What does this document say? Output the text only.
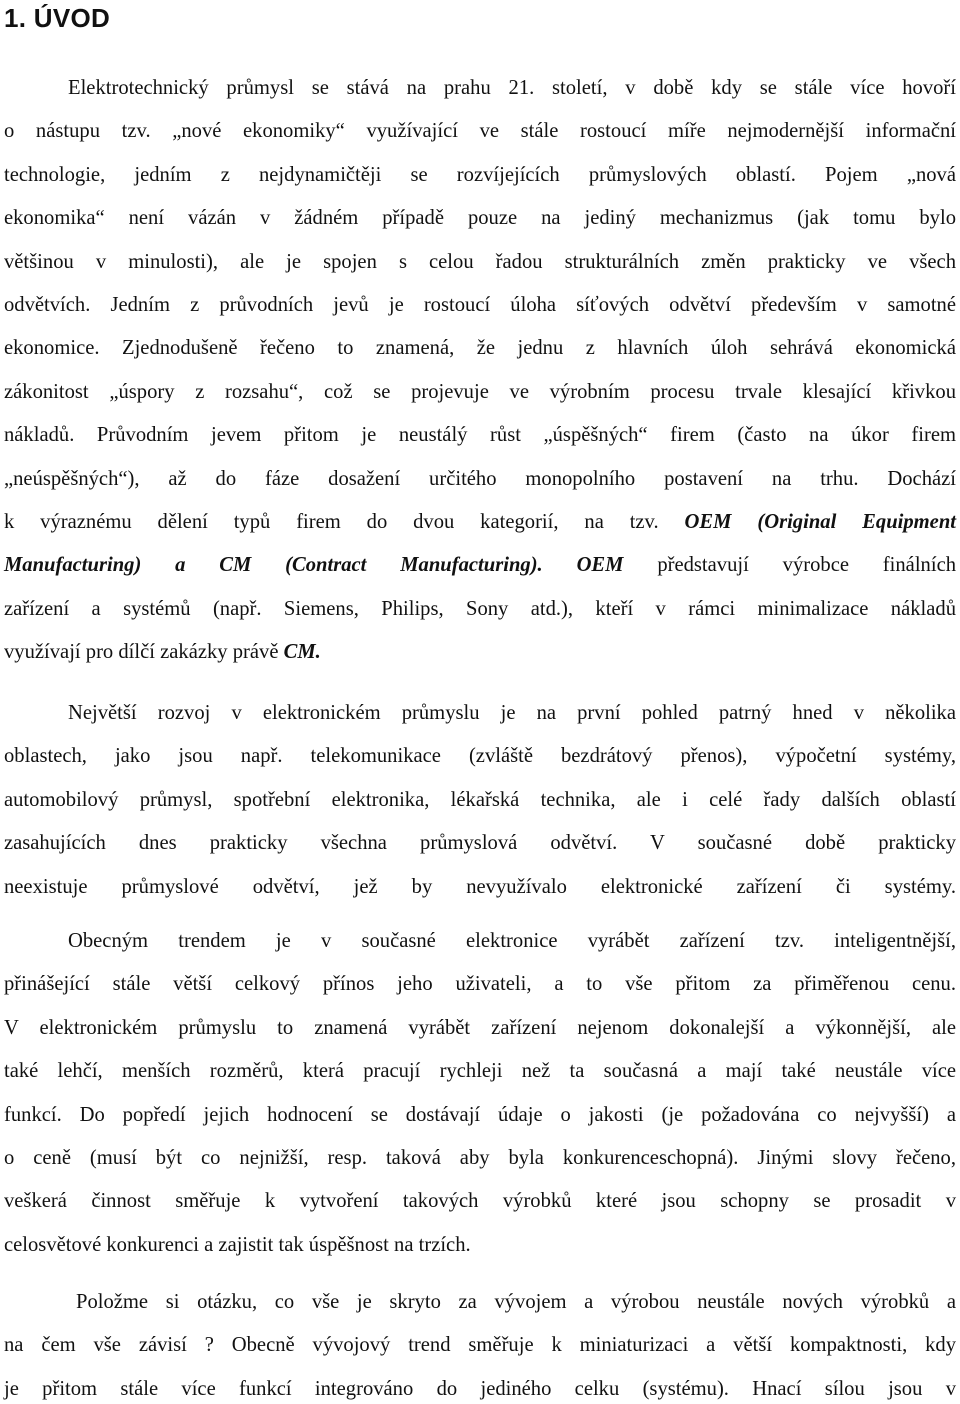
1. ÚVOD
Elektrotechnický průmysl se stává na prahu 21. století, v době kdy se stále více hovoří
o nástupu tzv. „nové ekonomiky“ využívající ve stále rostoucí míře nejmodernější informační
technologie, jedním z nejdynamičtěji se rozvíjejících průmyslových oblastí. Pojem „nová
ekonomika“ není vázán v žádném případě pouze na jediný mechanizmus (jak tomu bylo
většinou v minulosti), ale je spojen s celou řadou strukturálních změn prakticky ve všech
odvětvích. Jedním z průvodních jevů je rostoucí úloha síťových odvětví především v samotné
ekonomice. Zjednodušeně řečeno to znamená, že jednu z hlavních úloh sehrává ekonomická
zákonitost „úspory z rozsahu“, což se projevuje ve výrobním procesu trvale klesající křivkou
nákladů. Průvodním jevem přitom je neustálý růst „úspěšných“ firem (často na úkor firem
„neúspěšných“), až do fáze dosažení určitého monopolního postavení na trhu. Dochází
k výraznému dělení typů firem do dvou kategorií, na tzv. OEM (Original Equipment
Manufacturing) a CM (Contract Manufacturing). OEM představují výrobce finálních
zařízení a systémů (např. Siemens, Philips, Sony atd.), kteří v rámci minimalizace nákladů
využívají pro dílčí zakázky právě CM.
Největší rozvoj v elektronickém průmyslu je na první pohled patrný hned v několika
oblastech, jako jsou např. telekomunikace (zvláště bezdrátový přenos), výpočetní systémy,
automobilový průmysl, spotřební elektronika, lékařská technika, ale i celé řady dalších oblastí
zasahujících dnes prakticky všechna průmyslová odvětví. V současné době prakticky
neexistuje průmyslové odvětví, jež by nevyužívalo elektronické zařízení či systémy.
Obecným trendem je v současné elektronice vyrábět zařízení tzv. inteligentnější,
přinášející stále větší celkový přínos jeho uživateli, a to vše přitom za přiměřenou cenu.
V elektronickém průmyslu to znamená vyrábět zařízení nejenom dokonalejší a výkonnější, ale
také lehčí, menších rozměrů, která pracují rychleji než ta současná a mají také neustále více
funkcí. Do popředí jejich hodnocení se dostávají údaje o jakosti (je požadována co nejvyšší) a
o ceně (musí být co nejnižší, resp. taková aby byla konkurenceschopná). Jinými slovy řečeno,
veškerá činnost směřuje k vytvoření takových výrobků které jsou schopny se prosadit v
celosvětové konkurenci a zajistit tak úspěšnost na trzích.
Položme si otázku, co vše je skryto za vývojem a výrobou neustále nových výrobků a
na čem vše závisí ? Obecně vývojový trend směřuje k miniaturizaci a větší kompaktnosti, kdy
je přitom stále více funkcí integrováno do jediného celku (systému). Hnací sílou jsou v
